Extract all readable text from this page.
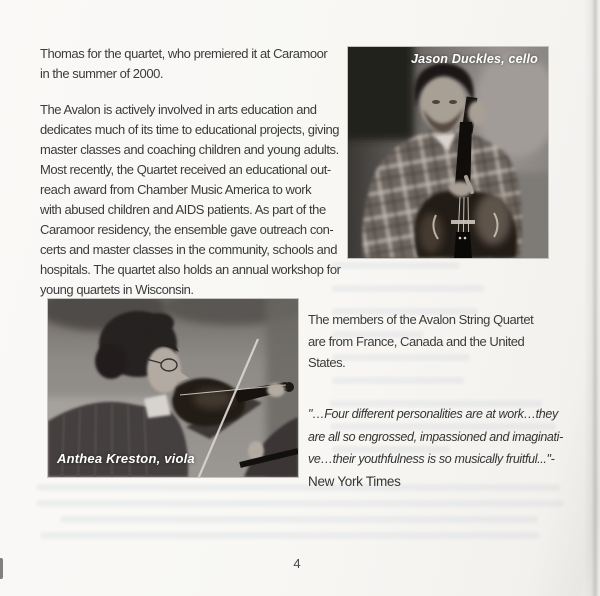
Thomas for the quartet, who premiered it at Caramoor
in the summer of 2000.
The Avalon is actively involved in arts education and
dedicates much of its time to educational projects, giving
master classes and coaching children and young adults.
Most recently, the Quartet received an educational out-
reach award from Chamber Music America to work
with abused children and AIDS patients. As part of the
Caramoor residency, the ensemble gave outreach con-
certs and master classes in the community, schools and
hospitals. The quartet also holds an annual workshop for
young quartets in Wisconsin.
Jason Duckles, cello
Anthea Kreston, viola
The members of the Avalon String Quartet
are from France, Canada and the United
States.
"…Four different personalities are at work…they
are all so engrossed, impassioned and imaginati-
ve…their youthfulness is so musically fruitful..."-
New York Times
4
